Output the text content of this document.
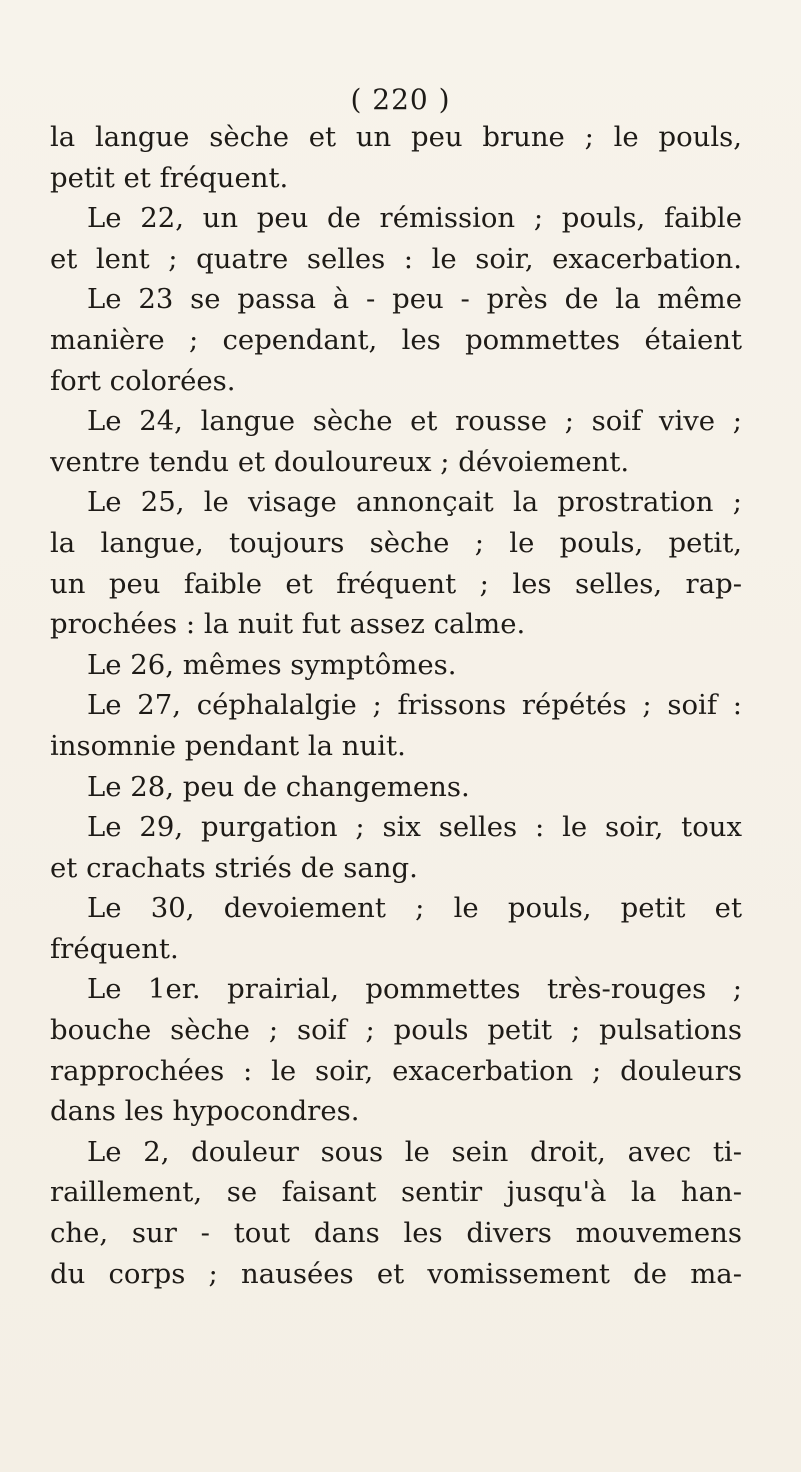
( 220 )
la langue sèche et un peu brune ; le pouls,
petit et fréquent.
Le 22, un peu de rémission ; pouls, faible
et lent ; quatre selles : le soir, exacerbation.
Le 23 se passa à - peu - près de la même
manière ; cependant, les pommettes étaient
fort colorées.
Le 24, langue sèche et rousse ; soif vive ;
ventre tendu et douloureux ; dévoiement.
Le 25, le visage annonçait la prostration ;
la langue, toujours sèche ; le pouls, petit,
un peu faible et fréquent ; les selles, rap-
prochées : la nuit fut assez calme.
Le 26, mêmes symptômes.
Le 27, céphalalgie ; frissons répétés ; soif :
insomnie pendant la nuit.
Le 28, peu de changemens.
Le 29, purgation ; six selles : le soir, toux
et crachats striés de sang.
Le 30, devoiement ; le pouls, petit et
fréquent.
Le 1er. prairial, pommettes très-rouges ;
bouche sèche ; soif ; pouls petit ; pulsations
rapprochées : le soir, exacerbation ; douleurs
dans les hypocondres.
Le 2, douleur sous le sein droit, avec ti-
raillement, se faisant sentir jusqu'à la han-
che, sur - tout dans les divers mouvemens
du corps ; nausées et vomissement de ma-
